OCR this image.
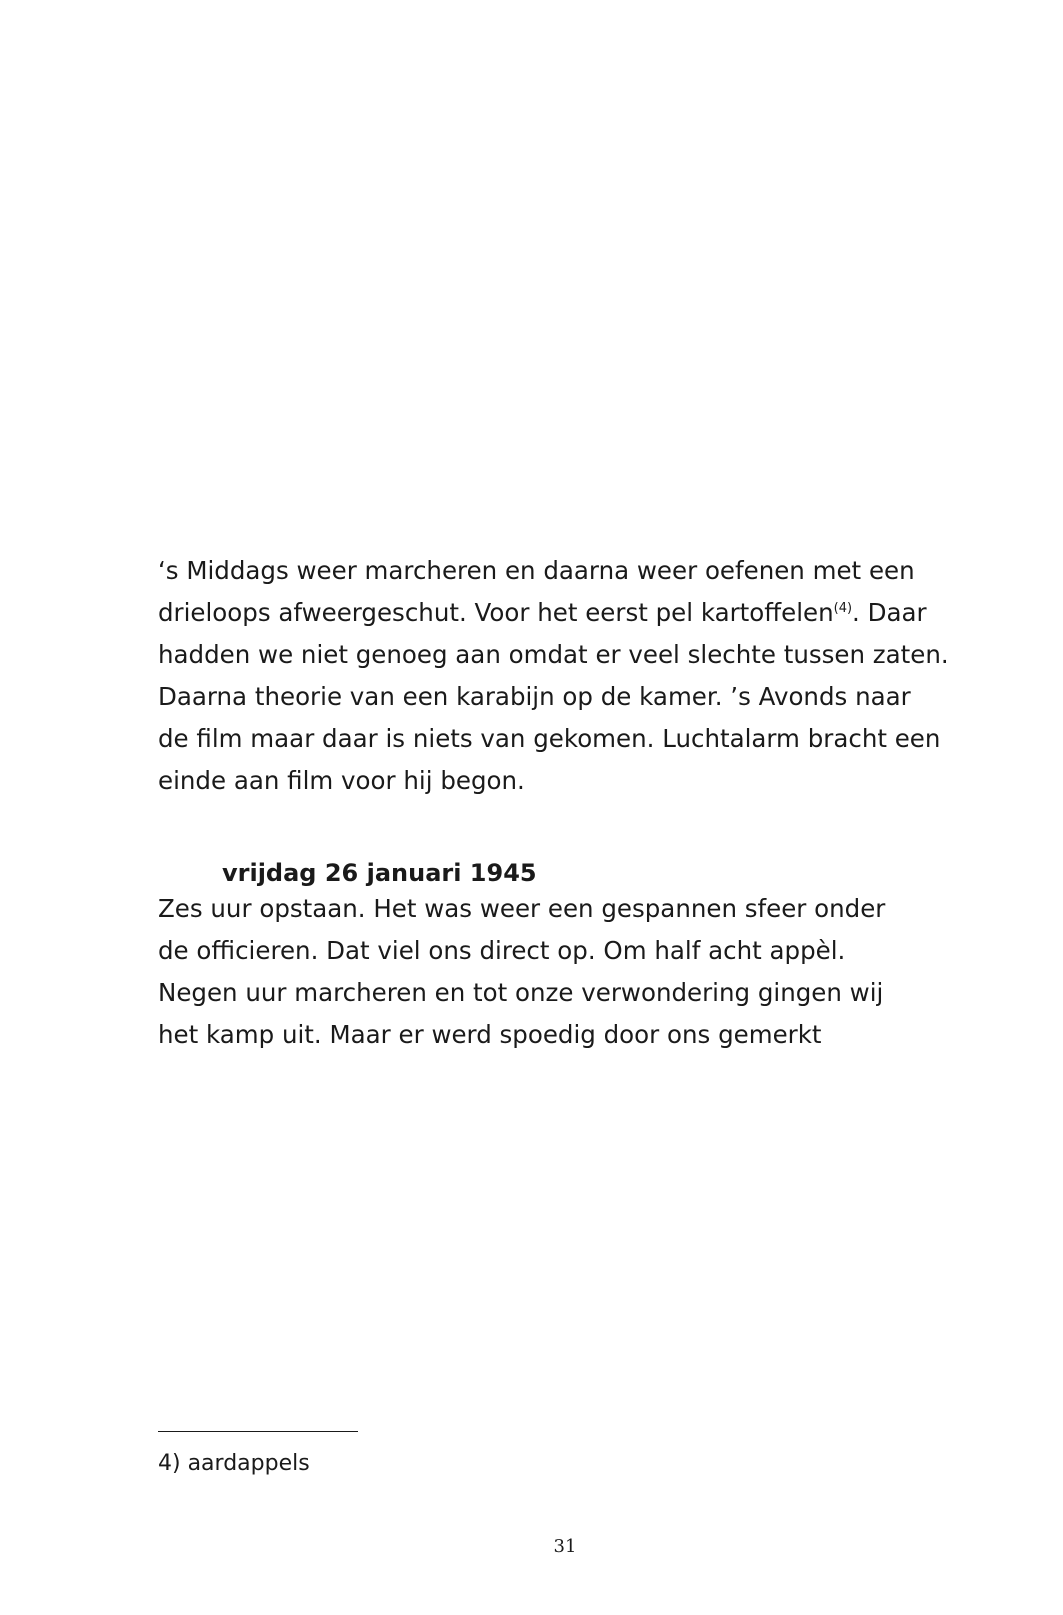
‘s Middags weer marcheren en daarna weer oefenen met een
drieloops afweergeschut. Voor het eerst pel kartoffelen$^{(4)}$. Daar
hadden we niet genoeg aan omdat er veel slechte tussen zaten.
Daarna theorie van een karabijn op de kamer. ’s Avonds naar
de film maar daar is niets van gekomen. Luchtalarm bracht een
einde aan film voor hij begon.
vrijdag 26 januari 1945
Zes uur opstaan. Het was weer een gespannen sfeer onder
de officieren. Dat viel ons direct op. Om half acht appèl.
Negen uur marcheren en tot onze verwondering gingen wij
het kamp uit. Maar er werd spoedig door ons gemerkt
4) aardappels
31
